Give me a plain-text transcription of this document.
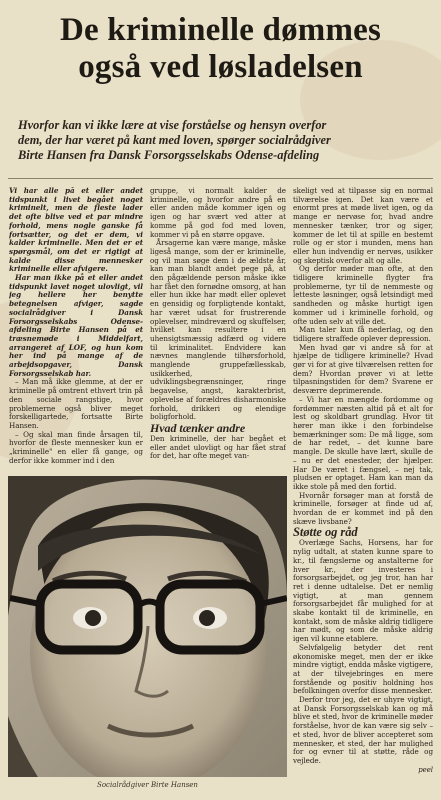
De kriminelle dømmes
også ved løsladelsen
Hvorfor kan vi ikke lære at vise forståelse og hensyn overfor
dem, der har været på kant med loven, spørger socialrådgiver
Birte Hansen fra Dansk Forsorgsselskabs Odense-afdeling

Vi har alle på et eller andet tidspunkt i livet begået noget kriminelt, men de fleste lader det ofte blive ved et par mindre forhold, mens nogle ganske få fortsætter, og det er dem, vi kalder kriminelle. Men det er et spørgsmål, om det er rigtigt at kalde disse mennesker kriminelle eller afvigere.

Har man ikke på et eller andet tidspunkt lavet noget ulovligt, vil jeg hellere her benytte betegnelsen afviger, sagde socialrådgiver i Dansk Forsorgsselskabs Odense-afdeling Birte Hansen på et træsnemøde i Middelfart, arrangeret af LOF, og hun kom her ind på mange af de arbejdsopgaver, Dansk Forsorgsselskab har.

– Man må ikke glemme, at der er kriminelle på omtrent ethvert trin på den sociale rangstige, hvor problemerne også bliver meget forskelligartede, fortsatte Birte Hansen.

– Og skal man finde årsagen til, hvorfor de fleste mennesker kun er „kriminelle" en eller få gange, og derfor ikke kommer ind i den

gruppe, vi normalt kalder de kriminelle, og hvorfor andre på en eller anden måde kommer igen og igen og har svært ved atter at komme på god fod med loven, kommer vi på en større opgave.

Årsagerne kan være mange, måske ligeså mange, som der er kriminelle, og vil man søge dem i de ældste år, kan man blandt andet pege på, at den pågældende person måske ikke har fået den fornødne omsorg, at han eller hun ikke har mødt eller oplevet en gensidig og forpligtende kontakt, har været udsat for frustrerende oplevelser, mindreværd og skuffelser, hvilket kan resultere i en uhensigtsmæssig adfærd og videre til kriminalitet. Endvidere kan nævnes manglende tilhørsforhold, manglende gruppefællesskab, usikkerhed, udviklingsbegrænsninger, ringe begavelse, angst, karakterbrist, oplevelse af forældres disharmoniske forhold, drikkeri og elendige boligforhold.

Hvad tænker andre

Den kriminelle, der har begået et eller andet ulovligt og har fået straf for det, har ofte meget van-

skeligt ved at tilpasse sig en normal tilværelse igen. Det kan være et enormt pres at møde livet igen, og da mange er nervøse for, hvad andre mennesker tænker, tror og siger, kommer de let til at spille en bestemt rolle og er stor i munden, mens han eller hun indvendig er nervøs, usikker og skeptisk overfor alt og alle.

Og derfor møder man ofte, at den tidligere kriminelle flygter fra problemerne, tyr til de nemmeste og letteste løsninger, også letsindigt med sandheden og måske hurtigt igen kommer ud i kriminelle forhold, og ofte uden selv at ville det.

Man taler kun få nederlag, og den tidligere straffede oplever depression.

Men hvad gør vi andre så for at hjælpe de tidligere kriminelle? Hvad gør vi for at give tilværelsen retten for dem? Hvordan prøver vi at lette tilpasningstiden for dem? Svarene er desværre deprimerende.

– Vi har en mængde fordomme og fordømmer næsten altid på et alt for lest og skoldbart grundlag. Hvor tit hører man ikke i den forbindelse bemærkninger som: De må ligge, som de har redet, – det kunne bare mangle. De skulle have lært, skulle de – nu er det enesteder, der hjælper. Har De været i fængsel, – nej tak, pludsen er optaget. Ham kan man da ikke stole på med den fortid.

Hvornår forsøger man at forstå de kriminelle, forsøger at finde ud af, hvordan de er kommet ind på den skæve livsbane?

Støtte og råd

Overlæge Sachs, Horsens, har for nylig udtalt, at staten kunne spare to kr., til fængslerne og anstalterne for hver kr., der investeres i forsorgsarbejdet, og jeg tror, han har ret i denne udtalelse. Det er nemlig vigtigt, at man gennem forsorgsarbejdet får mulighed for at skabe kontakt til de kriminelle, en kontakt, som de måske aldrig tidligere har mødt, og som de måske aldrig igen vil kunne etablere.

Selvfølgelig betyder det rent økonomiske meget, men der er ikke mindre vigtigt, endda måske vigtigere, at der tilvejebringes en mere forstående og positiv holdning hos befolkningen overfor disse mennesker.

Derfor tror jeg, det er uhyre vigtigt, at Dansk Forsorgsselskab kan og må blive et sted, hvor de kriminelle møder forståelse, hvor de kan være sig selv – et sted, hvor de bliver accepteret som mennesker, et sted, der har mulighed for og evner til at støtte, råde og vejlede.

peel
Socialrådgiver Birte Hansen
